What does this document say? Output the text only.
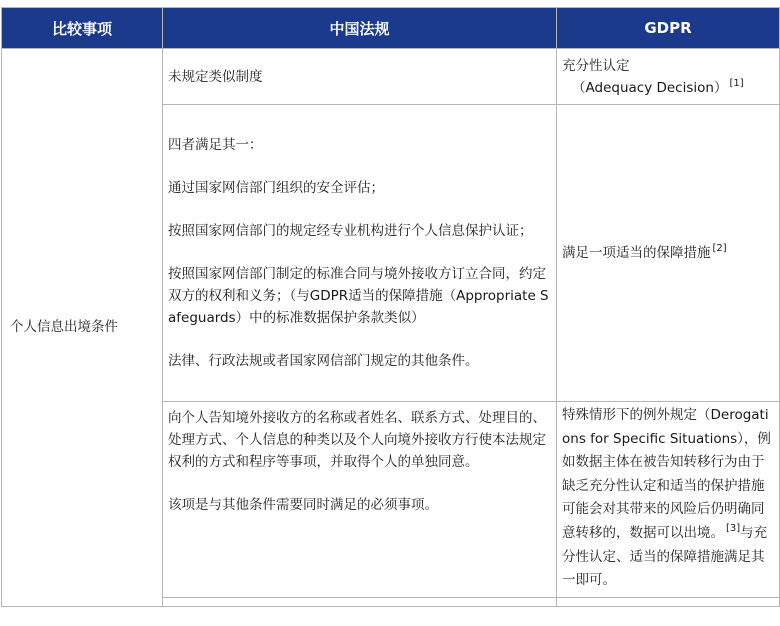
比较事项	中国法规	GDPR
个人信息出境条件	未规定类似制度	充分性认定
（Adequacy Decision） [1]

	四者满足其一：

通过国家网信部门组织的安全评估；

按照国家网信部门的规定经专业机构进行个人信息保护认证；

按照国家网信部门制定的标准合同与境外接收方订立合同，约定双方的权利和义务；（与GDPR适当的保障措施（Appropriate Safeguards）中的标准数据保护条款类似）

法律、行政法规或者国家网信部门规定的其他条件。	满足一项适当的保障措施 [2]

	向个人告知境外接收方的名称或者姓名、联系方式、处理目的、处理方式、个人信息的种类以及个人向境外接收方行使本法规定权利的方式和程序等事项，并取得个人的单独同意。

该项是与其他条件需要同时满足的必须事项。	特殊情形下的例外规定（Derogations for Specific Situations），例如数据主体在被告知转移行为由于缺乏充分性认定和适当的保护措施可能会对其带来的风险后仍明确同意转移的，数据可以出境。 [3]与充分性认定、适当的保障措施满足其一即可。
